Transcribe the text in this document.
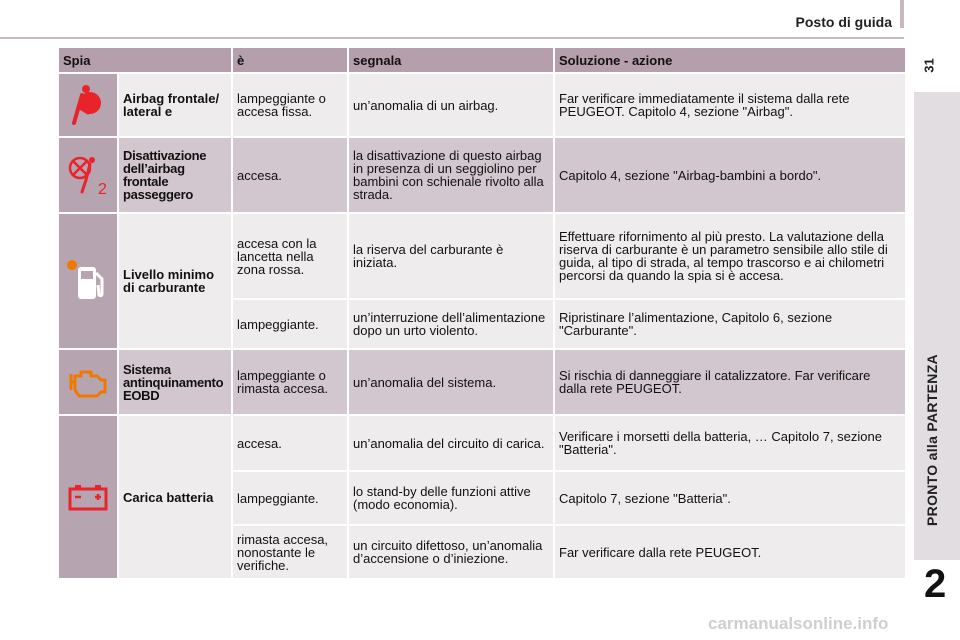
Posto di guida
31
PRONTO alla PARTENZA
2
Spia		è	segnala	Soluzione - azione

	Airbag frontale/ lateral e	lampeggiante o accesa fissa.	un’anomalia di un airbag.	Far verificare immediatamente il sistema dalla rete PEUGEOT. Capitolo 4, sezione "Airbag".

2	Disattivazione dell’airbag frontale passeggero	accesa.	la disattivazione di questo airbag in presenza di un seggiolino per bambini con schienale rivolto alla strada.	Capitolo 4, sezione "Airbag-bambini a bordo".

	Livello minimo di carburante	accesa con la lancetta nella zona rossa.	la riserva del carburante è iniziata.	Effettuare rifornimento al più presto. La valutazione della riserva di carburante è un parametro sensibile allo stile di guida, al tipo di strada, al tempo trascorso e ai chilometri percorsi da quando la spia si è accesa.
		lampeggiante.	un’interruzione dell’alimentazione dopo un urto violento.	Ripristinare l’alimentazione, Capitolo 6, sezione "Carburante".

	Sistema antinquinamento EOBD	lampeggiante o rimasta accesa.	un’anomalia del sistema.	Si rischia di danneggiare il catalizzatore. Far verificare dalla rete PEUGEOT.

	Carica batteria	accesa.	un’anomalia del circuito di carica.	Verificare i morsetti della batteria, … Capitolo 7, sezione "Batteria".
		lampeggiante.	lo stand-by delle funzioni attive (modo economia).	Capitolo 7, sezione "Batteria".
		rimasta accesa, nonostante le verifiche.	un circuito difettoso, un’anomalia d’accensione o d’iniezione.	Far verificare dalla rete PEUGEOT.
carmanualsonline.info
